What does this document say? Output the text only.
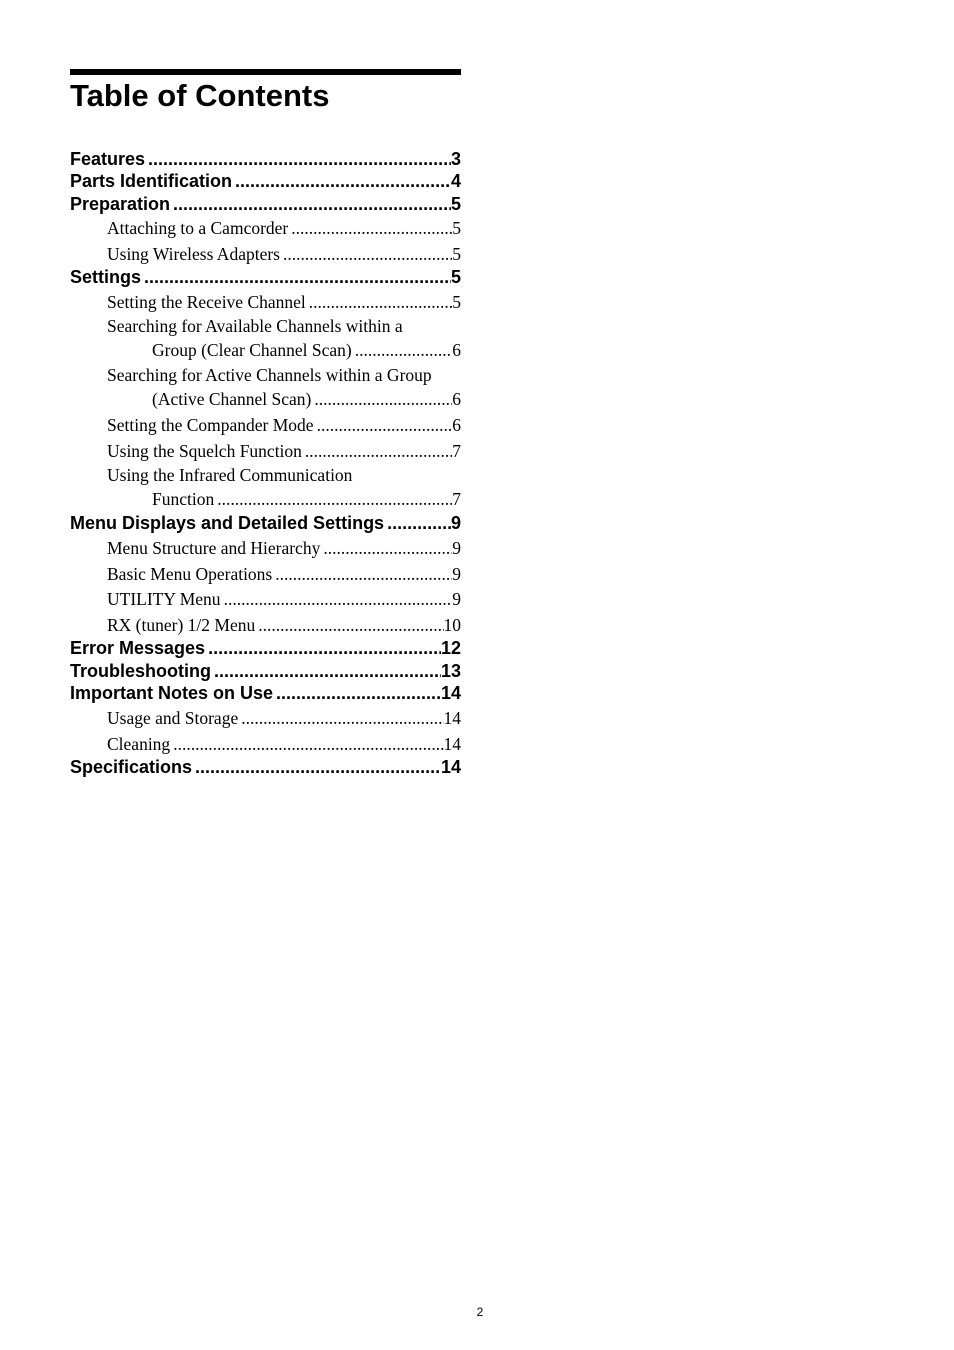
Table of Contents
Features .....	3
Parts Identification .....	4
Preparation .....	5
Attaching to a Camcorder .....	5
Using Wireless Adapters .....	5
Settings .....	5
Setting the Receive Channel .....	5
Searching for Available Channels within a
Group (Clear Channel Scan) .....	6
Searching for Active Channels within a Group
(Active Channel Scan) .....	6
Setting the Compander Mode .....	6
Using the Squelch Function .....	7
Using the Infrared Communication
Function .....	7
Menu Displays and Detailed Settings .....	9
Menu Structure and Hierarchy .....	9
Basic Menu Operations .....	9
UTILITY Menu .....	9
RX (tuner) 1/2 Menu .....	10
Error Messages .....	12
Troubleshooting .....	13
Important Notes on Use .....	14
Usage and Storage .....	14
Cleaning .....	14
Specifications .....	14
2
